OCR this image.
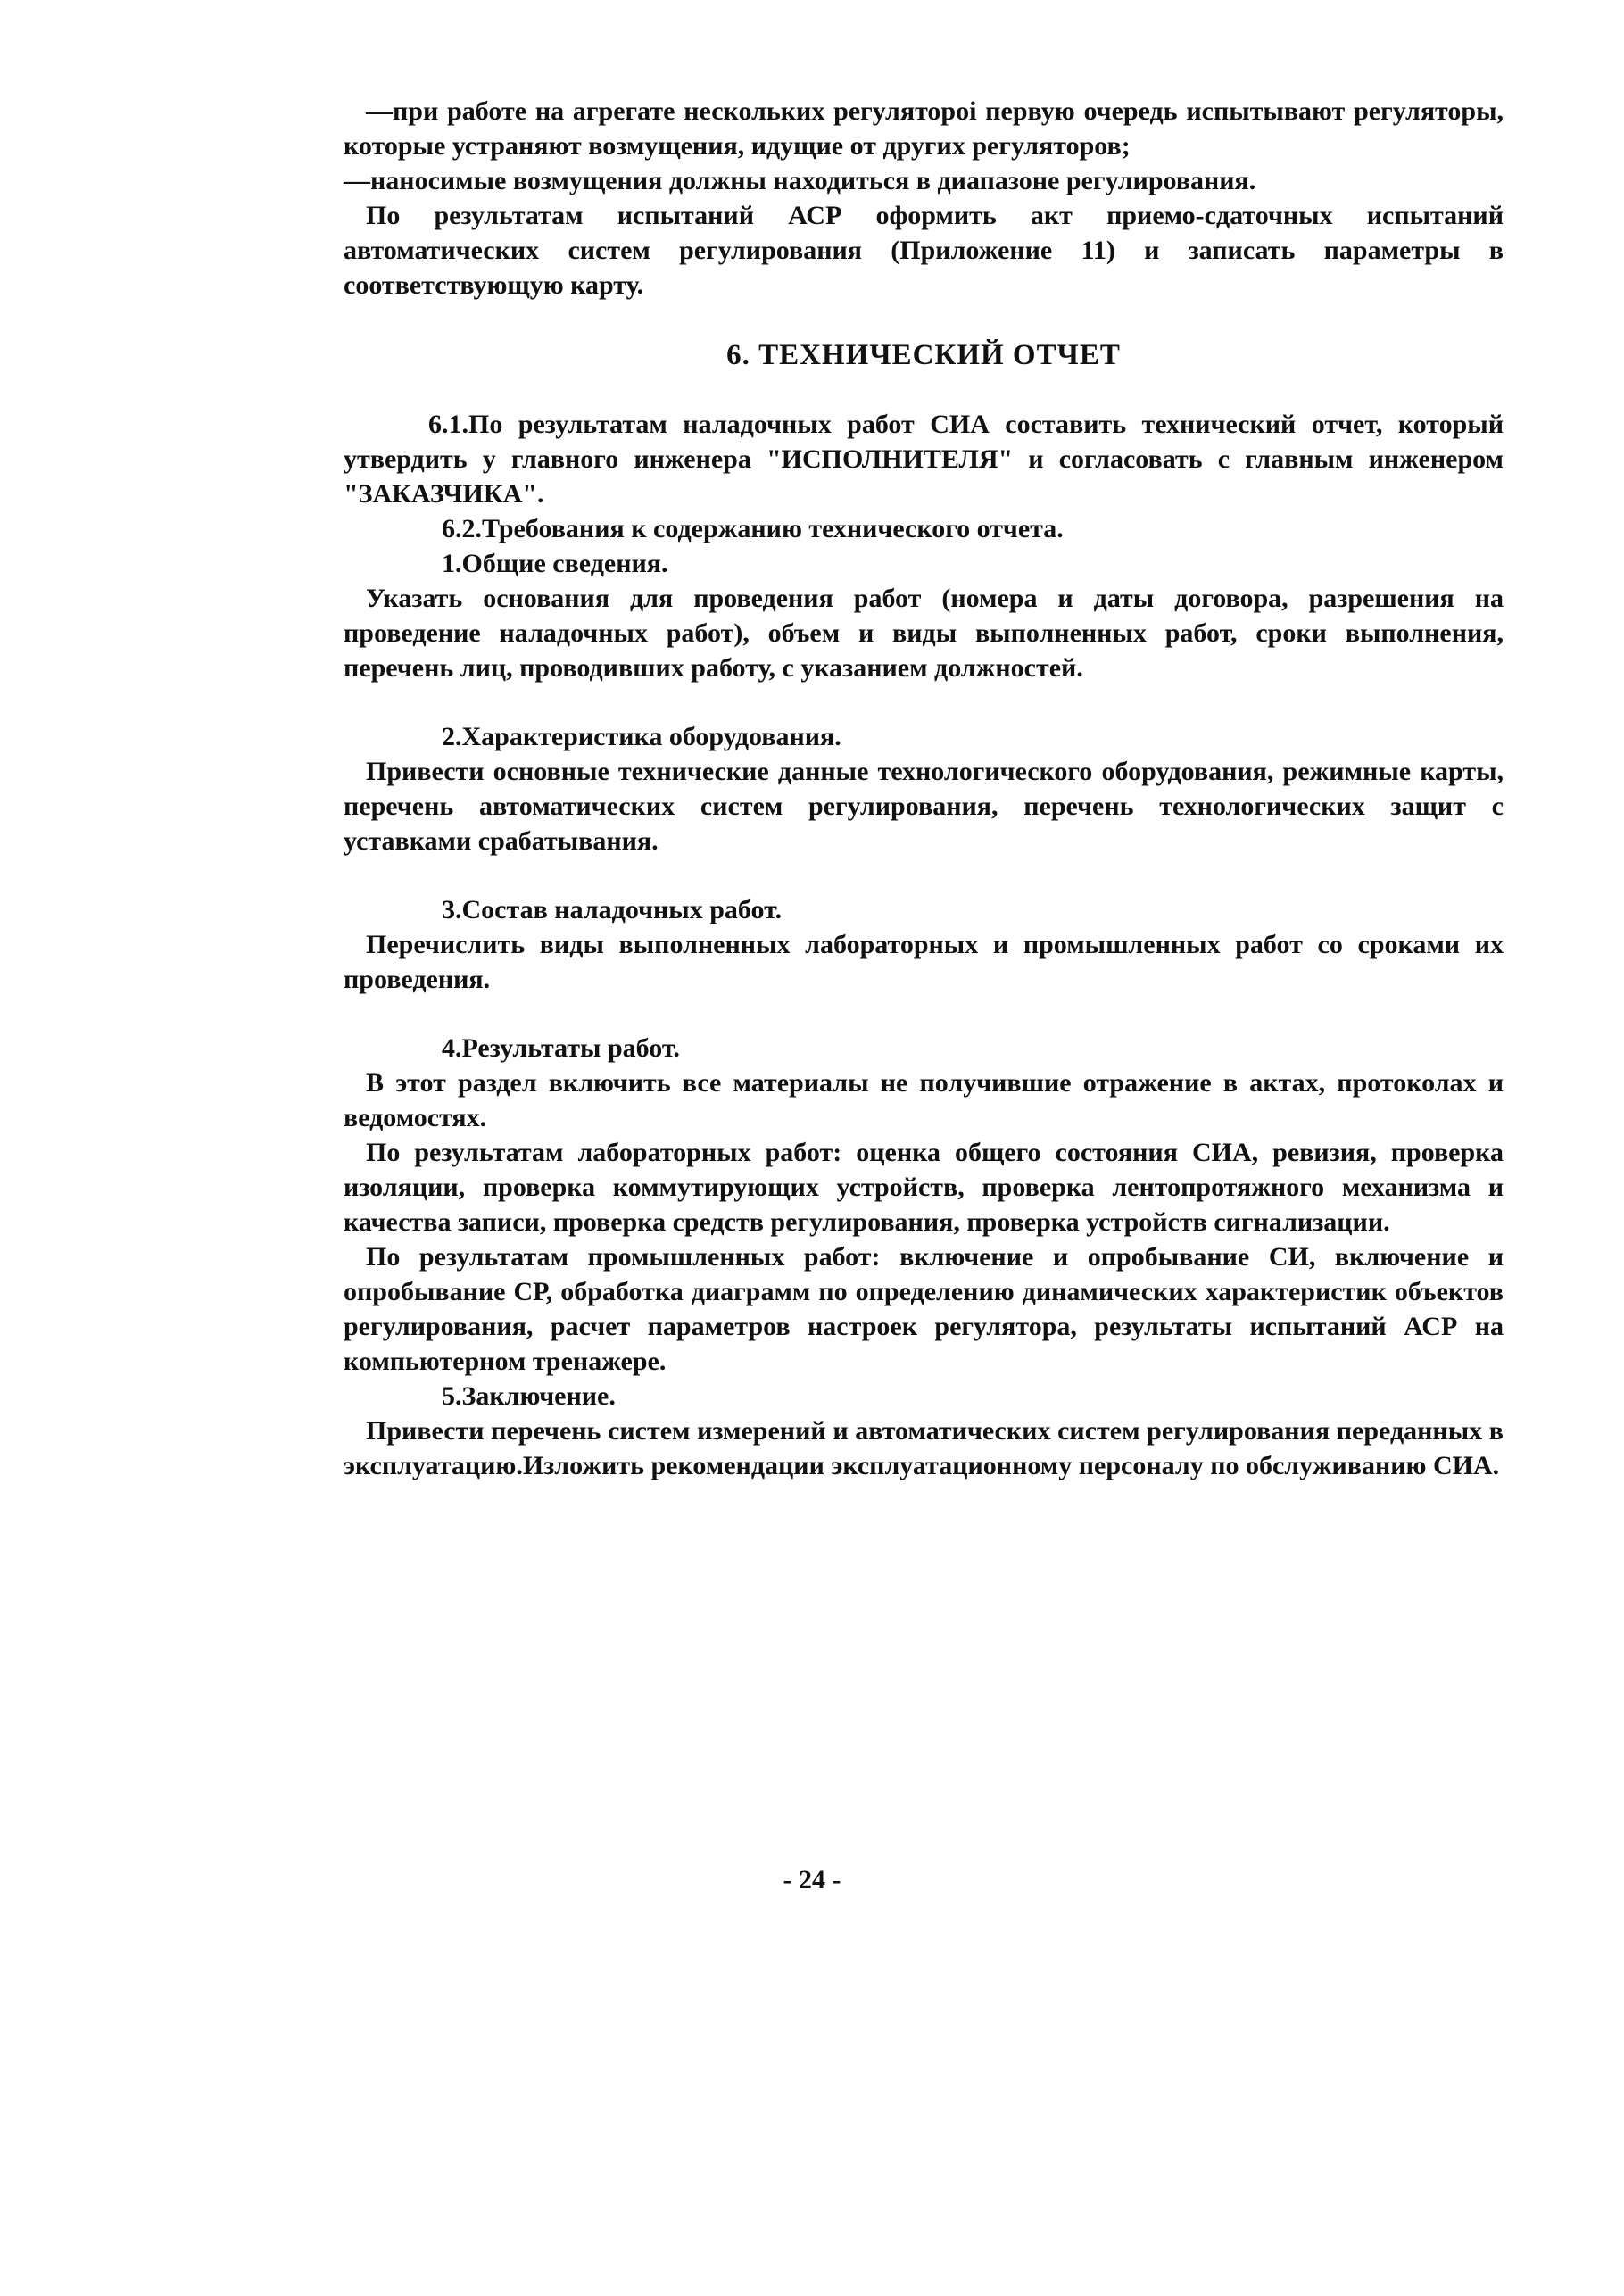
—при работе на агрегате нескольких регулятороі первую очередь испытывают регуляторы, которые устраняют возмущения, идущие от других регуляторов;

—наносимые возмущения должны находиться в диапазоне регулирования.

По результатам испытаний АСР оформить акт приемо-сдаточных испытаний автоматических систем регулирования (Приложение 11) и записать параметры в соответствующую карту.

6. ТЕХНИЧЕСКИЙ ОТЧЕТ

6.1.По результатам наладочных работ СИА составить технический отчет, который утвердить у главного инженера "ИСПОЛНИТЕЛЯ" и согласовать с главным инженером "ЗАКАЗЧИКА".

6.2.Требования к содержанию технического отчета.

1.Общие сведения.

Указать основания для проведения работ (номера и даты договора, разрешения на проведение наладочных работ), объем и виды выполненных работ, сроки выполнения, перечень лиц, проводивших работу, с указанием должностей.

2.Характеристика оборудования.

Привести основные технические данные технологического оборудования, режимные карты, перечень автоматических систем регулирования, перечень технологических защит с уставками срабатывания.

3.Состав наладочных работ.

Перечислить виды выполненных лабораторных и промышленных работ со сроками их проведения.

4.Результаты работ.

В этот раздел включить все материалы не получившие отражение в актах, протоколах и ведомостях.

По результатам лабораторных работ: оценка общего состояния СИА, ревизия, проверка изоляции, проверка коммутирующих устройств, проверка лентопротяжного механизма и качества записи, проверка средств регулирования, проверка устройств сигнализации.

По результатам промышленных работ: включение и опробывание СИ, включение и опробывание СР, обработка диаграмм по определению динамических характеристик объектов регулирования, расчет параметров настроек регулятора, результаты испытаний АСР на компьютерном тренажере.

5.Заключение.

Привести перечень систем измерений и автоматических систем регулирования переданных в эксплуатацию.Изложить рекомендации эксплуатационному персоналу по обслуживанию СИА.

- 24 -
